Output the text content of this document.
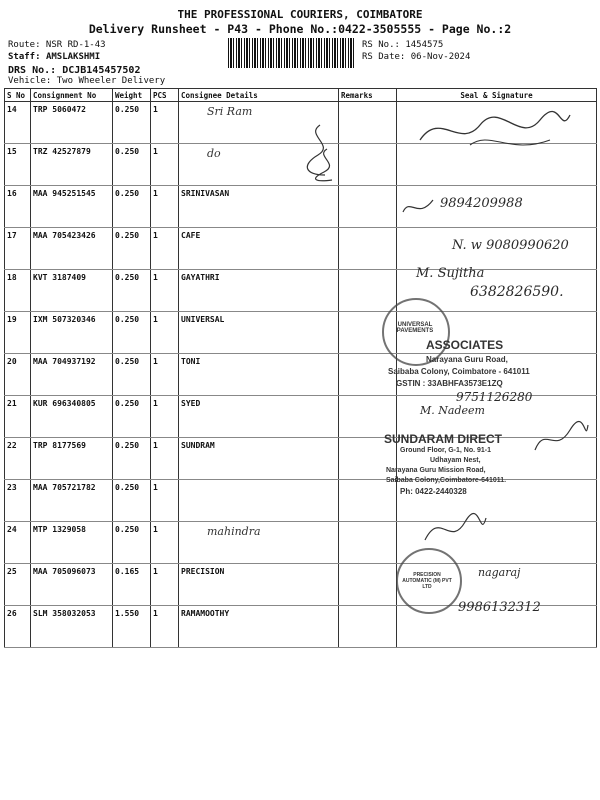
THE PROFESSIONAL COURIERS, COIMBATORE
Delivery Runsheet - P43 - Phone No.:0422-3505555 - Page No.:2
Route: NSR RD-1-43
Staff: AMSLAKSHMI
DRS No.: DCJB145457502
Vehicle: Two Wheeler Delivery
RS No.: 1454575
RS Date: 06-Nov-2024
S No	Consignment No	Weight	PCS	Consignee Details	Remarks	Seal & Signature
14	TRP 5060472	0.250	1	Sri Ram		
15	TRZ 42527879	0.250	1	do		
16	MAA 945251545	0.250	1	SRINIVASAN		
17	MAA 705423426	0.250	1	CAFE		
18	KVT 3187409	0.250	1	GAYATHRI		
19	IXM 507320346	0.250	1	UNIVERSAL		
20	MAA 704937192	0.250	1	TONI		
21	KUR 696340805	0.250	1	SYED		
22	TRP 8177569	0.250	1	SUNDRAM		
23	MAA 705721782	0.250	1			
24	MTP 1329058	0.250	1	mahindra		
25	MAA 705096073	0.165	1	PRECISION		
26	SLM 358032053	1.550	1	RAMAMOOTHY		
9894209988
N. w 9080990620
M. Sujitha
6382826590.
UNIVERSAL PAVEMENTS
ASSOCIATES
Narayana Guru Road,
Saibaba Colony, Coimbatore - 641011
GSTIN : 33ABHFA3573E1ZQ
9751126280
M. Nadeem
SUNDARAM DIRECT
Ground Floor, G-1, No. 91-1
Udhayam Nest,
Narayana Guru Mission Road,
Saibaba Colony,Coimbatore-641011.
Ph: 0422-2440328
PRECISION AUTOMATIC (M) PVT LTD
nagaraj
9986132312
